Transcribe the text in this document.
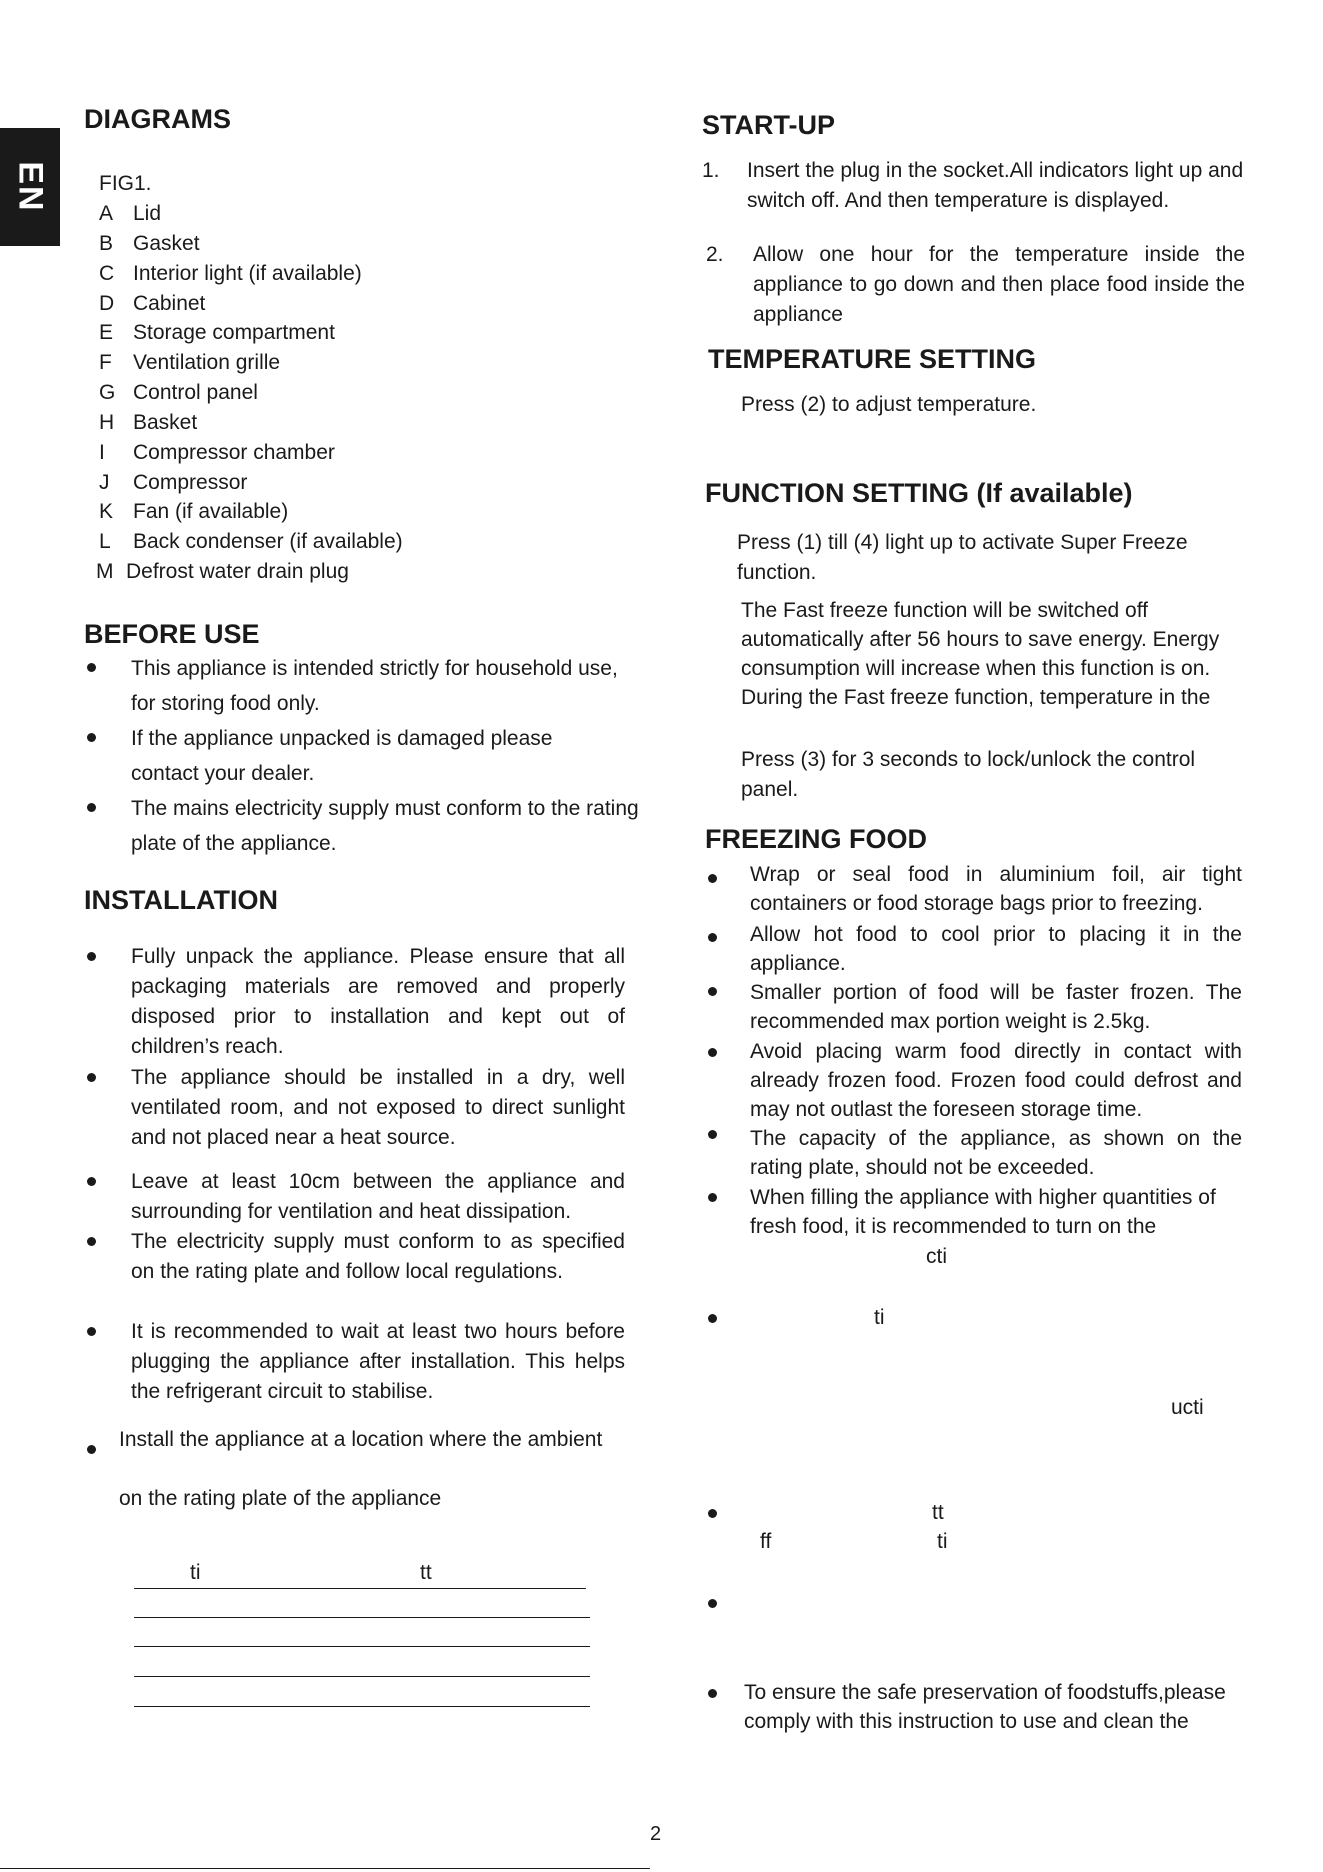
EN
DIAGRAMS
FIG1.
A Lid
B Gasket
C Interior light (if available)
D Cabinet
E Storage compartment
F Ventilation grille
G Control panel
H Basket
I Compressor chamber
J Compressor
K Fan (if available)
L Back condenser (if available)
M Defrost water drain plug
BEFORE USE
This appliance is intended strictly for household use, for storing food only.
If the appliance unpacked is damaged please contact your dealer.
The mains electricity supply must conform to the rating plate of the appliance.
INSTALLATION
Fully unpack the appliance. Please ensure that all packaging materials are removed and properly disposed prior to installation and kept out of children’s reach.
The appliance should be installed in a dry, well ventilated room, and not exposed to direct sunlight and not placed near a heat source.
Leave at least 10cm between the appliance and surrounding for ventilation and heat dissipation.
The electricity supply must conform to as specified on the rating plate and follow local regulations.
It is recommended to wait at least two hours before plugging the appliance after installation. This helps the refrigerant circuit to stabilise.
Install the appliance at a location where the ambient
on the rating plate of the appliance
ti	tt
START-UP
1. Insert the plug in the socket.All indicators light up and switch off. And then temperature is displayed.
2. Allow one hour for the temperature inside the appliance to go down and then place food inside the appliance
TEMPERATURE SETTING
Press (2) to adjust temperature.
FUNCTION SETTING (If available)
Press (1) till (4) light up to activate Super Freeze function.
The Fast freeze function will be switched off automatically after 56 hours to save energy. Energy consumption will increase when this function is on. During the Fast freeze function, temperature in the
Press (3) for 3 seconds to lock/unlock the control panel.
FREEZING FOOD
Wrap or seal food in aluminium foil, air tight containers or food storage bags prior to freezing.
Allow hot food to cool prior to placing it in the appliance.
Smaller portion of food will be faster frozen. The recommended max portion weight is 2.5kg.
Avoid placing warm food directly in contact with already frozen food. Frozen food could defrost and may not outlast the foreseen storage time.
The capacity of the appliance, as shown on the rating plate, should not be exceeded.
When filling the appliance with higher quantities of fresh food, it is recommended to turn on the
cti
ti
ucti
tt
ff	ti
To ensure the safe preservation of foodstuffs,please comply with this instruction to use and clean the
2
